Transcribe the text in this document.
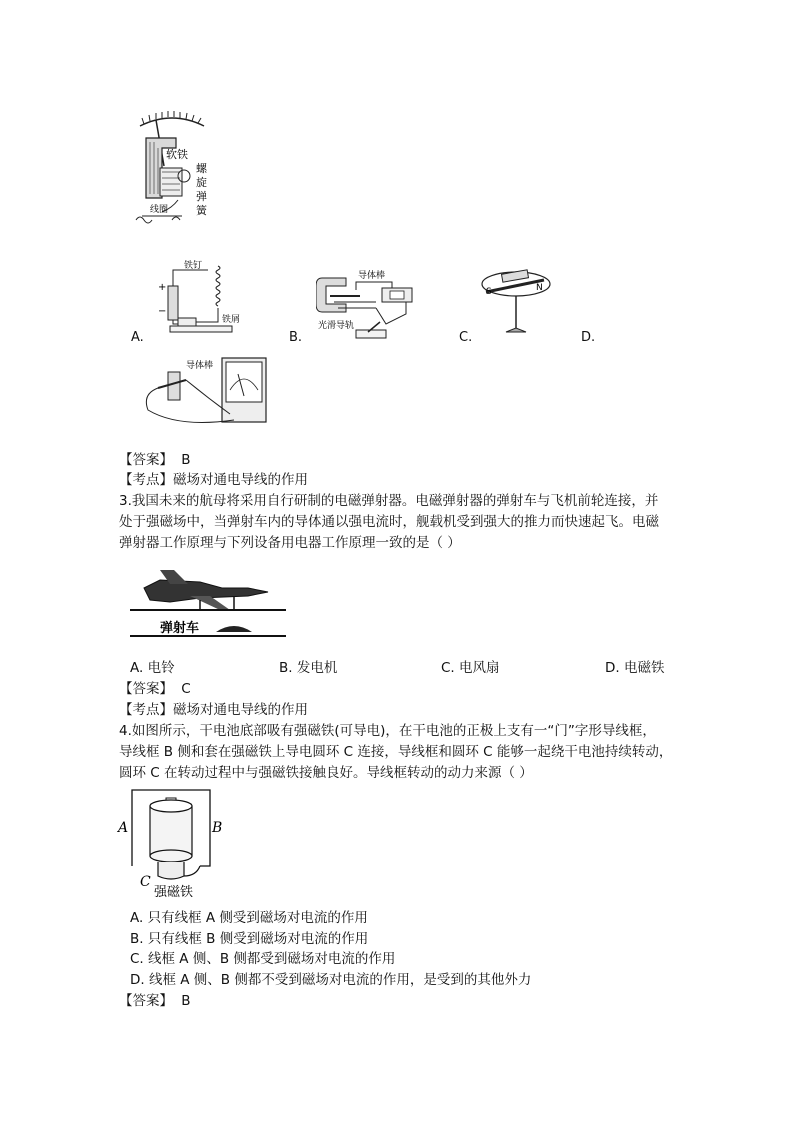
软铁
螺
旋
弹
簧
线圈
+
−
铁钉
铁屑
导体棒
光滑导轨
S	N
A.	B.	C.	D.
导体棒
【答案】 B
【考点】磁场对通电导线的作用
3.我国未来的航母将采用自行研制的电磁弹射器。电磁弹射器的弹射车与飞机前轮连接，并
处于强磁场中，当弹射车内的导体通以强电流时，舰载机受到强大的推力而快速起飞。电磁
弹射器工作原理与下列设备用电器工作原理一致的是（ ）
弹射车
A. 电铃	B. 发电机	C. 电风扇	D. 电磁铁
【答案】 C
【考点】磁场对通电导线的作用
4.如图所示，干电池底部吸有强磁铁(可导电)，在干电池的正极上支有一“门”字形导线框，
导线框 B 侧和套在强磁铁上导电圆环 C 连接，导线框和圆环 C 能够一起绕干电池持续转动，
圆环 C 在转动过程中与强磁铁接触良好。导线框转动的动力来源（ ）
A	B
C
强磁铁
A. 只有线框 A 侧受到磁场对电流的作用
B. 只有线框 B 侧受到磁场对电流的作用
C. 线框 A 侧、B 侧都受到磁场对电流的作用
D. 线框 A 侧、B 侧都不受到磁场对电流的作用，是受到的其他外力
【答案】 B
